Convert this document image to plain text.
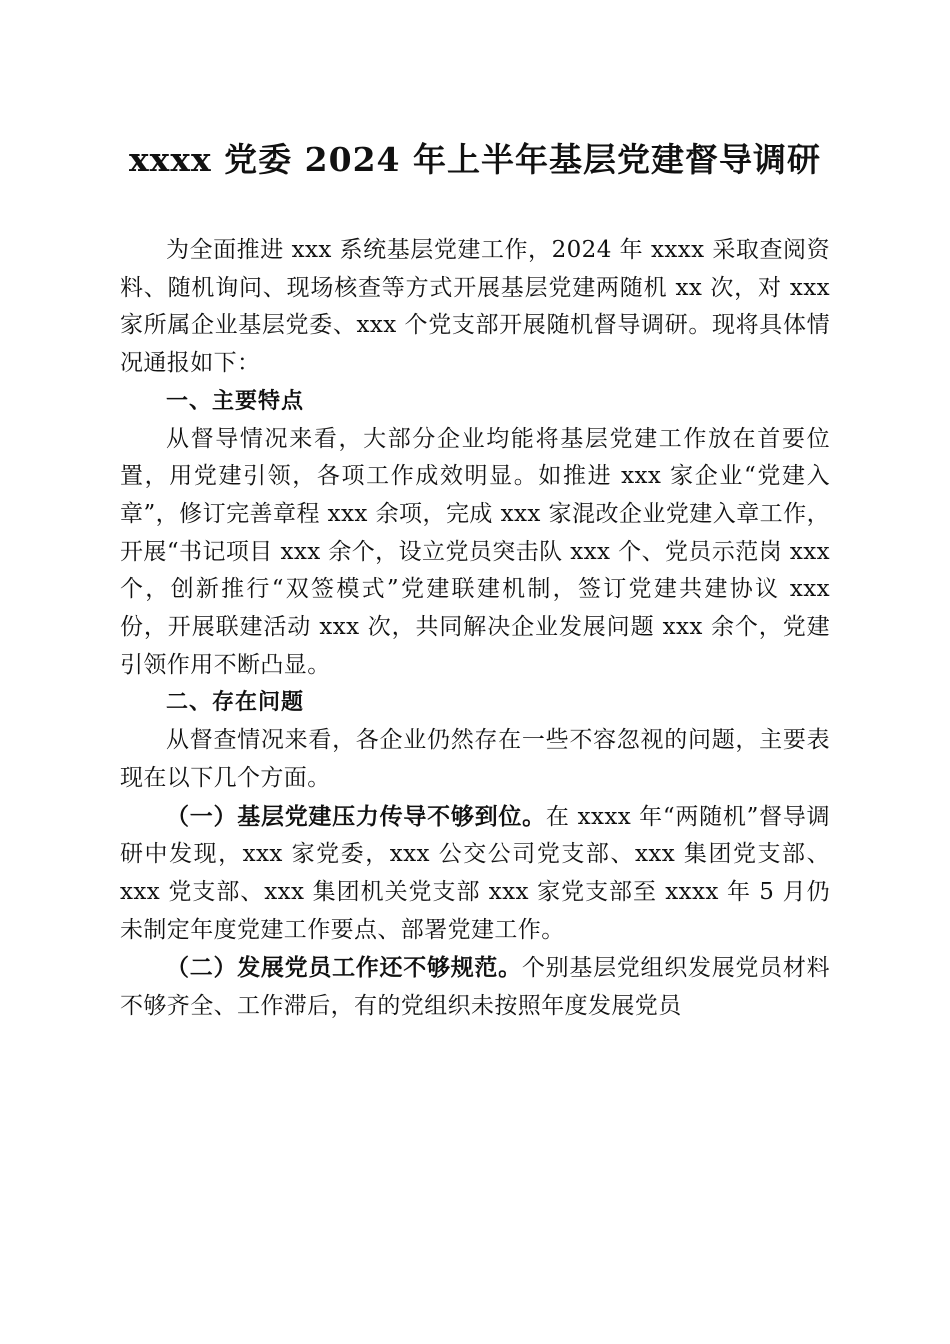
xxxx 党委 2024 年上半年基层党建督导调研

为全面推进 xxx 系统基层党建工作，2024 年 xxxx 采取查阅资料、随机询问、现场核查等方式开展基层党建两随机 xx 次，对 xxx 家所属企业基层党委、xxx 个党支部开展随机督导调研。现将具体情况通报如下：

一、主要特点

从督导情况来看，大部分企业均能将基层党建工作放在首要位置，用党建引领，各项工作成效明显。如推进 xxx 家企业“党建入章”，修订完善章程 xxx 余项，完成 xxx 家混改企业党建入章工作，开展“书记项目 xxx 余个，设立党员突击队 xxx 个、党员示范岗 xxx 个，创新推行“双签模式”党建联建机制，签订党建共建协议 xxx 份，开展联建活动 xxx 次，共同解决企业发展问题 xxx 余个，党建引领作用不断凸显。

二、存在问题

从督查情况来看，各企业仍然存在一些不容忽视的问题，主要表现在以下几个方面。

（一）基层党建压力传导不够到位。在 xxxx 年“两随机”督导调研中发现，xxx 家党委，xxx 公交公司党支部、xxx 集团党支部、xxx 党支部、xxx 集团机关党支部 xxx 家党支部至 xxxx 年 5 月仍未制定年度党建工作要点、部署党建工作。

（二）发展党员工作还不够规范。个别基层党组织发展党员材料不够齐全、工作滞后，有的党组织未按照年度发展党员
